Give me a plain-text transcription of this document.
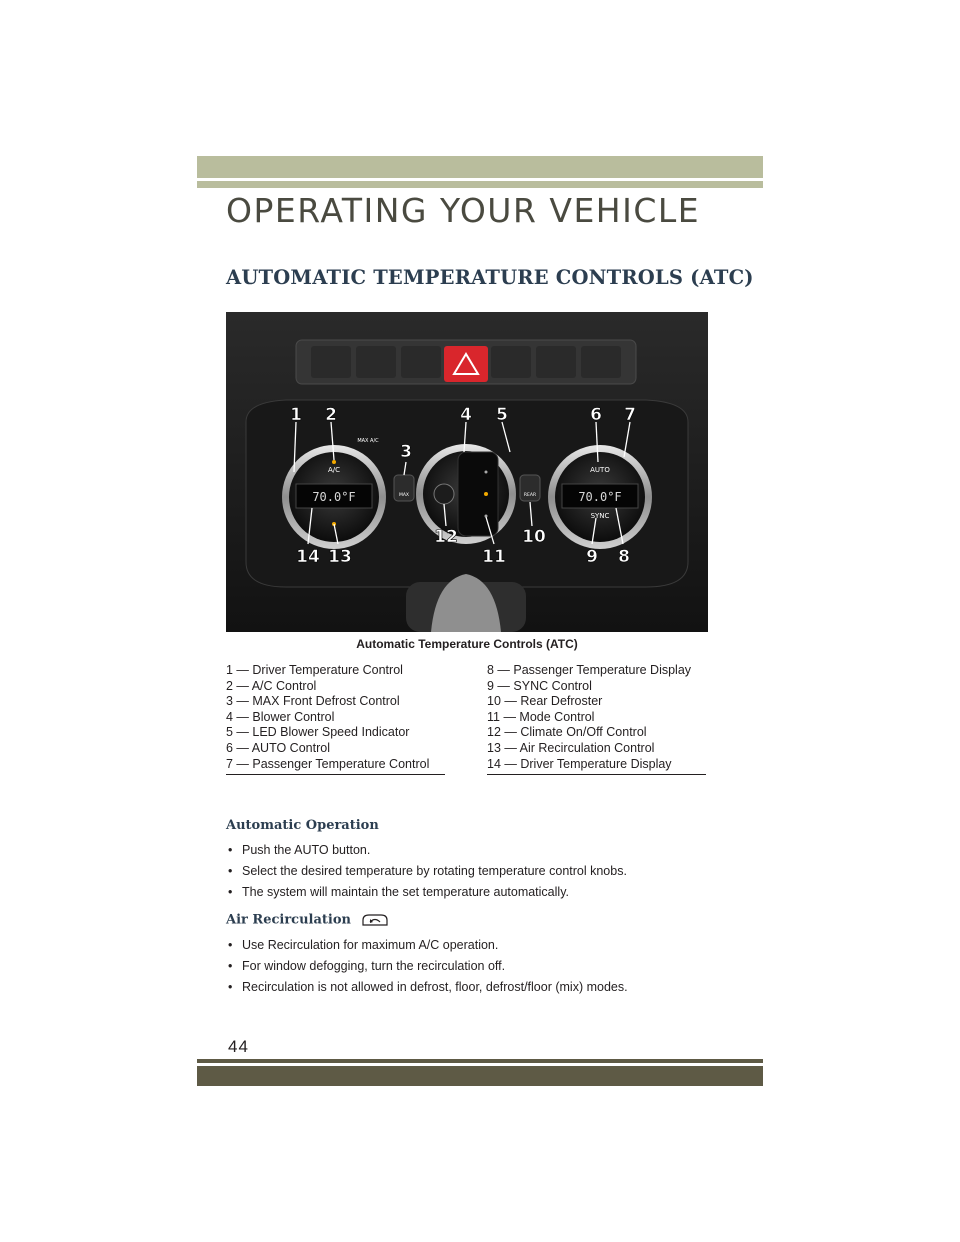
OPERATING YOUR VEHICLE
AUTOMATIC TEMPERATURE CONTROLS (ATC)
70.0°F
A/C
MAX A/C
MAX	REAR	70.0°F
AUTO
SYNC
1 2
3
4 5	6 7
8
9
10
11
12
13
14
Automatic Temperature Controls (ATC)
1 — Driver Temperature Control
2 — A/C Control
3 — MAX Front Defrost Control
4 — Blower Control
5 — LED Blower Speed Indicator
6 — AUTO Control
7 — Passenger Temperature Control
8 — Passenger Temperature Display
9 — SYNC Control
10 — Rear Defroster
11 — Mode Control
12 — Climate On/Off Control
13 — Air Recirculation Control
14 — Driver Temperature Display
Automatic Operation
• Push the AUTO button.
• Select the desired temperature by rotating temperature control knobs.
• The system will maintain the set temperature automatically.
Air Recirculation
• Use Recirculation for maximum A/C operation.
• For window defogging, turn the recirculation off.
• Recirculation is not allowed in defrost, floor, defrost/floor (mix) modes.
44
